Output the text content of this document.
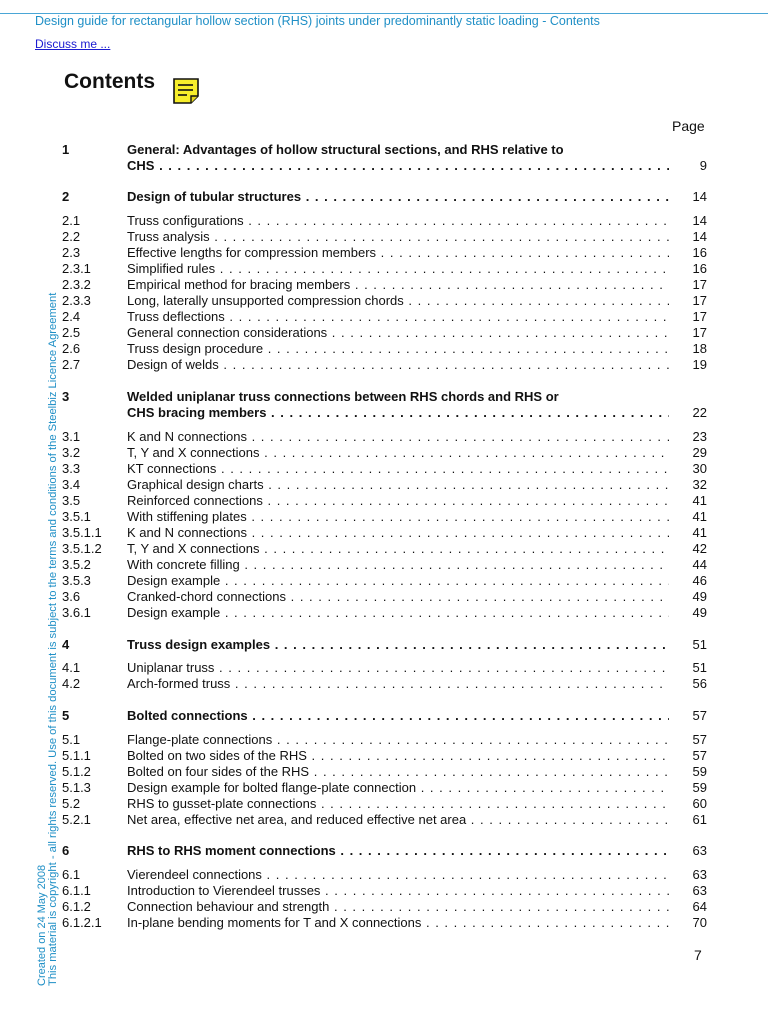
Design guide for rectangular hollow section (RHS) joints under predominantly static loading - Contents
Discuss me ...
Contents
Page
1	General: Advantages of hollow structural sections, and RHS relative to
CHS . . .	9
2	Design of tubular structures . . .	14
2.1	Truss configurations . . .	14
2.2	Truss analysis . . .	14
2.3	Effective lengths for compression members . . .	16
2.3.1	Simplified rules . . .	16
2.3.2	Empirical method for bracing members . . .	17
2.3.3	Long, laterally unsupported compression chords . . .	17
2.4	Truss deflections . . .	17
2.5	General connection considerations . . .	17
2.6	Truss design procedure . . .	18
2.7	Design of welds . . .	19
3	Welded uniplanar truss connections between RHS chords and RHS or
CHS bracing members . . .	22
3.1	K and N connections . . .	23
3.2	T, Y and X connections . . .	29
3.3	KT connections . . .	30
3.4	Graphical design charts . . .	32
3.5	Reinforced connections . . .	41
3.5.1	With stiffening plates . . .	41
3.5.1.1 K and N connections . . .	41
3.5.1.2 T, Y and X connections . . .	42
3.5.2	With concrete filling . . .	44
3.5.3	Design example . . .	46
3.6	Cranked-chord connections . . .	49
3.6.1	Design example . . .	49
4	Truss design examples . . .	51
4.1	Uniplanar truss . . .	51
4.2	Arch-formed truss . . .	56
5	Bolted connections . . .	57
5.1	Flange-plate connections . . .	57
5.1.1	Bolted on two sides of the RHS . . .	57
5.1.2	Bolted on four sides of the RHS . . .	59
5.1.3	Design example for bolted flange-plate connection . . .	59
5.2	RHS to gusset-plate connections . . .	60
5.2.1	Net area, effective net area, and reduced effective net area . . .	61
6	RHS to RHS moment connections . . .	63
6.1	Vierendeel connections . . .	63
6.1.1	Introduction to Vierendeel trusses . . .	63
6.1.2	Connection behaviour and strength . . .	64
6.1.2.1 In-plane bending moments for T and X connections . . .	70
7
Created on 24 May 2008 This material is copyright - all rights reserved. Use of this document is subject to the terms and conditions of the Steelbiz Licence Agreement
